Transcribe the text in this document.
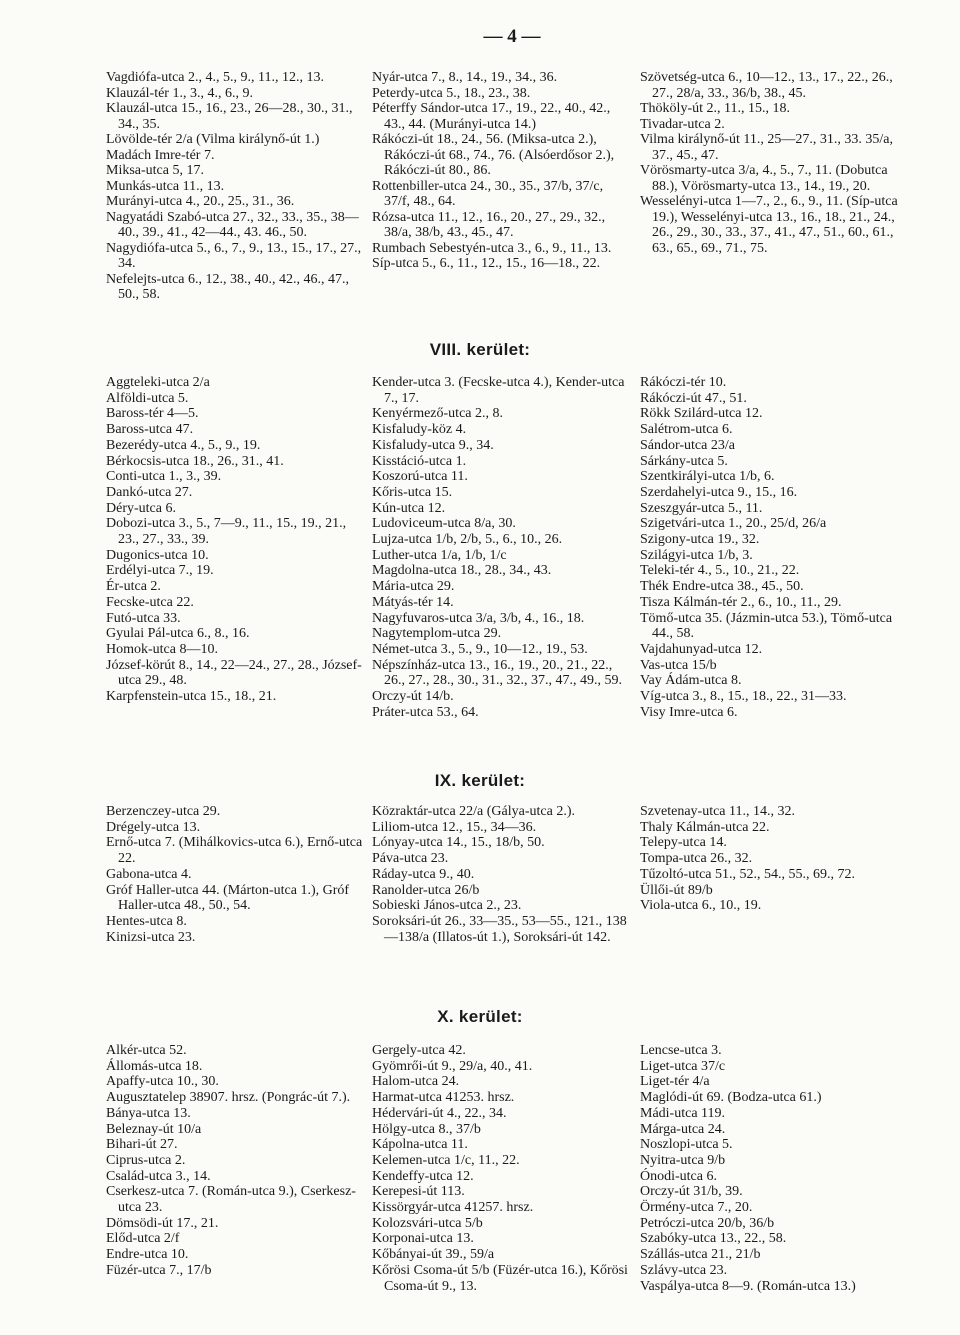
— 4 —

Vagdiófa-utca 2., 4., 5., 9., 11., 12., 13.

Klauzál-tér 1., 3., 4., 6., 9.

Klauzál-utca 15., 16., 23., 26—28., 30., 31., 34., 35.

Lövölde-tér 2/a (Vilma királynő-út 1.)

Madách Imre-tér 7.

Miksa-utca 5, 17.

Munkás-utca 11., 13.

Murányi-utca 4., 20., 25., 31., 36.

Nagyatádi Szabó-utca 27., 32., 33., 35., 38—40., 39., 41., 42—44., 43. 46., 50.

Nagydiófa-utca 5., 6., 7., 9., 13., 15., 17., 27., 34.

Nefelejts-utca 6., 12., 38., 40., 42., 46., 47., 50., 58.

Nyár-utca 7., 8., 14., 19., 34., 36.

Peterdy-utca 5., 18., 23., 38.

Péterffy Sándor-utca 17., 19., 22., 40., 42., 43., 44. (Murányi-utca 14.)

Rákóczi-út 18., 24., 56. (Miksa-utca 2.), Rákóczi-út 68., 74., 76. (Alsóerdősor 2.), Rákóczi-út 80., 86.

Rottenbiller-utca 24., 30., 35., 37/b, 37/c, 37/f, 48., 64.

Rózsa-utca 11., 12., 16., 20., 27., 29., 32., 38/a, 38/b, 43., 45., 47.

Rumbach Sebestyén-utca 3., 6., 9., 11., 13.

Síp-utca 5., 6., 11., 12., 15., 16—18., 22.

Szövetség-utca 6., 10—12., 13., 17., 22., 26., 27., 28/a, 33., 36/b, 38., 45.

Thököly-út 2., 11., 15., 18.

Tivadar-utca 2.

Vilma királynő-út 11., 25—27., 31., 33. 35/a, 37., 45., 47.

Vörösmarty-utca 3/a, 4., 5., 7., 11. (Dobutca 88.), Vörösmarty-utca 13., 14., 19., 20.

Wesselényi-utca 1—7., 2., 6., 9., 11. (Síp-utca 19.), Wesselényi-utca 13., 16., 18., 21., 24., 26., 29., 30., 33., 37., 41., 47., 51., 60., 61., 63., 65., 69., 71., 75.

VIII. kerület:

Aggteleki-utca 2/a

Alföldi-utca 5.

Baross-tér 4—5.

Baross-utca 47.

Bezerédy-utca 4., 5., 9., 19.

Bérkocsis-utca 18., 26., 31., 41.

Conti-utca 1., 3., 39.

Dankó-utca 27.

Déry-utca 6.

Dobozi-utca 3., 5., 7—9., 11., 15., 19., 21., 23., 27., 33., 39.

Dugonics-utca 10.

Erdélyi-utca 7., 19.

Ér-utca 2.

Fecske-utca 22.

Futó-utca 33.

Gyulai Pál-utca 6., 8., 16.

Homok-utca 8—10.

József-körút 8., 14., 22—24., 27., 28., József-utca 29., 48.

Karpfenstein-utca 15., 18., 21.

Kender-utca 3. (Fecske-utca 4.), Kender-utca 7., 17.

Kenyérmező-utca 2., 8.

Kisfaludy-köz 4.

Kisfaludy-utca 9., 34.

Kisstáció-utca 1.

Koszorú-utca 11.

Kőris-utca 15.

Kún-utca 12.

Ludoviceum-utca 8/a, 30.

Lujza-utca 1/b, 2/b, 5., 6., 10., 26.

Luther-utca 1/a, 1/b, 1/c

Magdolna-utca 18., 28., 34., 43.

Mária-utca 29.

Mátyás-tér 14.

Nagyfuvaros-utca 3/a, 3/b, 4., 16., 18.

Nagytemplom-utca 29.

Német-utca 3., 5., 9., 10—12., 19., 53.

Népszínház-utca 13., 16., 19., 20., 21., 22., 26., 27., 28., 30., 31., 32., 37., 47., 49., 59.

Orczy-út 14/b.

Práter-utca 53., 64.

Rákóczi-tér 10.

Rákóczi-út 47., 51.

Rökk Szilárd-utca 12.

Salétrom-utca 6.

Sándor-utca 23/a

Sárkány-utca 5.

Szentkirályi-utca 1/b, 6.

Szerdahelyi-utca 9., 15., 16.

Szeszgyár-utca 5., 11.

Szigetvári-utca 1., 20., 25/d, 26/a

Szigony-utca 19., 32.

Szilágyi-utca 1/b, 3.

Teleki-tér 4., 5., 10., 21., 22.

Thék Endre-utca 38., 45., 50.

Tisza Kálmán-tér 2., 6., 10., 11., 29.

Tömő-utca 35. (Jázmin-utca 53.), Tömő-utca 44., 58.

Vajdahunyad-utca 12.

Vas-utca 15/b

Vay Ádám-utca 8.

Víg-utca 3., 8., 15., 18., 22., 31—33.

Visy Imre-utca 6.

IX. kerület:

Berzenczey-utca 29.

Drégely-utca 13.

Ernő-utca 7. (Mihálkovics-utca 6.), Ernő-utca 22.

Gabona-utca 4.

Gróf Haller-utca 44. (Márton-utca 1.), Gróf Haller-utca 48., 50., 54.

Hentes-utca 8.

Kinizsi-utca 23.

Közraktár-utca 22/a (Gálya-utca 2.).

Liliom-utca 12., 15., 34—36.

Lónyay-utca 14., 15., 18/b, 50.

Páva-utca 23.

Ráday-utca 9., 40.

Ranolder-utca 26/b

Sobieski János-utca 2., 23.

Soroksári-út 26., 33—35., 53—55., 121., 138—138/a (Illatos-út 1.), Soroksári-út 142.

Szvetenay-utca 11., 14., 32.

Thaly Kálmán-utca 22.

Telepy-utca 14.

Tompa-utca 26., 32.

Tűzoltó-utca 51., 52., 54., 55., 69., 72.

Üllői-út 89/b

Viola-utca 6., 10., 19.

X. kerület:

Alkér-utca 52.

Állomás-utca 18.

Apaffy-utca 10., 30.

Augusztatelep 38907. hrsz. (Pongrác-út 7.).

Bánya-utca 13.

Beleznay-út 10/a

Bihari-út 27.

Ciprus-utca 2.

Család-utca 3., 14.

Cserkesz-utca 7. (Román-utca 9.), Cserkesz-utca 23.

Dömsödi-út 17., 21.

Előd-utca 2/f

Endre-utca 10.

Füzér-utca 7., 17/b

Gergely-utca 42.

Gyömrői-út 9., 29/a, 40., 41.

Halom-utca 24.

Harmat-utca 41253. hrsz.

Hédervári-út 4., 22., 34.

Hölgy-utca 8., 37/b

Kápolna-utca 11.

Kelemen-utca 1/c, 11., 22.

Kendeffy-utca 12.

Kerepesi-út 113.

Kissörgyár-utca 41257. hrsz.

Kolozsvári-utca 5/b

Korponai-utca 13.

Kőbányai-út 39., 59/a

Kőrösi Csoma-út 5/b (Füzér-utca 16.), Kőrösi Csoma-út 9., 13.

Lencse-utca 3.

Liget-utca 37/c

Liget-tér 4/a

Maglódi-út 69. (Bodza-utca 61.)

Mádi-utca 119.

Márga-utca 24.

Noszlopi-utca 5.

Nyitra-utca 9/b

Ónodi-utca 6.

Orczy-út 31/b, 39.

Örmény-utca 7., 20.

Petróczi-utca 20/b, 36/b

Szabóky-utca 13., 22., 58.

Szállás-utca 21., 21/b

Szlávy-utca 23.

Vaspálya-utca 8—9. (Román-utca 13.)
